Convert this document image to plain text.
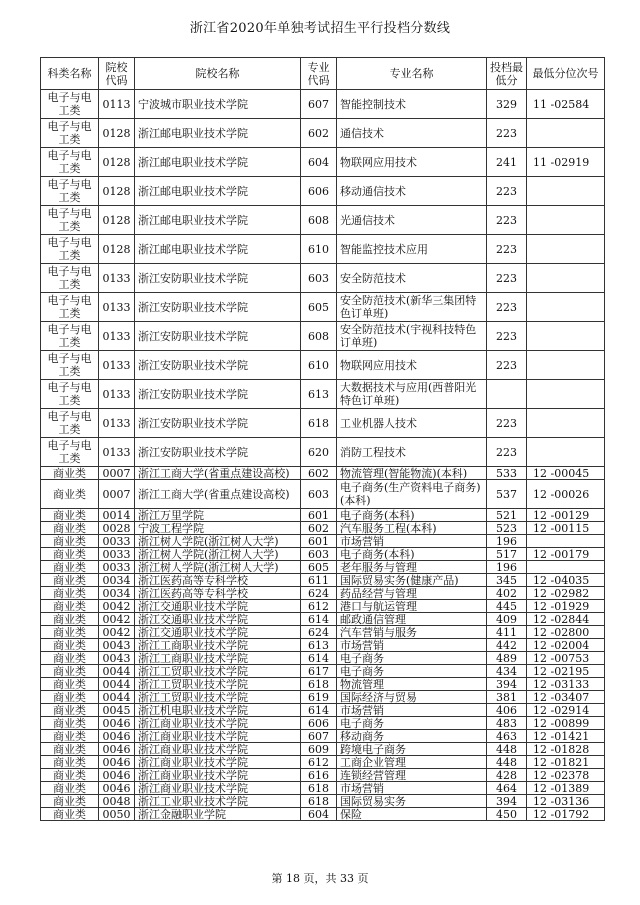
浙江省2020年单独考试招生平行投档分数线
科类名称	院校代码	院校名称	专业代码	专业名称	投档最低分	最低分位次号
电子与电工类	0113	宁波城市职业技术学院	607	智能控制技术	329	11 -02584
电子与电工类	0128	浙江邮电职业技术学院	602	通信技术	223	
电子与电工类	0128	浙江邮电职业技术学院	604	物联网应用技术	241	11 -02919
电子与电工类	0128	浙江邮电职业技术学院	606	移动通信技术	223	
电子与电工类	0128	浙江邮电职业技术学院	608	光通信技术	223	
电子与电工类	0128	浙江邮电职业技术学院	610	智能监控技术应用	223	
电子与电工类	0133	浙江安防职业技术学院	603	安全防范技术	223	
电子与电工类	0133	浙江安防职业技术学院	605	安全防范技术(新华三集团特色订单班)	223	
电子与电工类	0133	浙江安防职业技术学院	608	安全防范技术(宇视科技特色订单班)	223	
电子与电工类	0133	浙江安防职业技术学院	610	物联网应用技术	223	
电子与电工类	0133	浙江安防职业技术学院	613	大数据技术与应用(西普阳光特色订单班)		
电子与电工类	0133	浙江安防职业技术学院	618	工业机器人技术	223	
电子与电工类	0133	浙江安防职业技术学院	620	消防工程技术	223	
商业类	0007	浙江工商大学(省重点建设高校)	602	物流管理(智能物流)(本科)	533	12 -00045
商业类	0007	浙江工商大学(省重点建设高校)	603	电子商务(生产资料电子商务)(本科)	537	12 -00026
商业类	0014	浙江万里学院	601	电子商务(本科)	521	12 -00129
商业类	0028	宁波工程学院	602	汽车服务工程(本科)	523	12 -00115
商业类	0033	浙江树人学院(浙江树人大学)	601	市场营销	196	
商业类	0033	浙江树人学院(浙江树人大学)	603	电子商务(本科)	517	12 -00179
商业类	0033	浙江树人学院(浙江树人大学)	605	老年服务与管理	196	
商业类	0034	浙江医药高等专科学校	611	国际贸易实务(健康产品)	345	12 -04035
商业类	0034	浙江医药高等专科学校	624	药品经营与管理	402	12 -02982
商业类	0042	浙江交通职业技术学院	612	港口与航运管理	445	12 -01929
商业类	0042	浙江交通职业技术学院	614	邮政通信管理	409	12 -02844
商业类	0042	浙江交通职业技术学院	624	汽车营销与服务	411	12 -02800
商业类	0043	浙江工商职业技术学院	613	市场营销	442	12 -02004
商业类	0043	浙江工商职业技术学院	614	电子商务	489	12 -00753
商业类	0044	浙江工贸职业技术学院	617	电子商务	434	12 -02195
商业类	0044	浙江工贸职业技术学院	618	物流管理	394	12 -03133
商业类	0044	浙江工贸职业技术学院	619	国际经济与贸易	381	12 -03407
商业类	0045	浙江机电职业技术学院	614	市场营销	406	12 -02914
商业类	0046	浙江商业职业技术学院	606	电子商务	483	12 -00899
商业类	0046	浙江商业职业技术学院	607	移动商务	463	12 -01421
商业类	0046	浙江商业职业技术学院	609	跨境电子商务	448	12 -01828
商业类	0046	浙江商业职业技术学院	612	工商企业管理	448	12 -01821
商业类	0046	浙江商业职业技术学院	616	连锁经营管理	428	12 -02378
商业类	0046	浙江商业职业技术学院	618	市场营销	464	12 -01389
商业类	0048	浙江工业职业技术学院	618	国际贸易实务	394	12 -03136
商业类	0050	浙江金融职业学院	604	保险	450	12 -01792
第 18 页，共 33 页
